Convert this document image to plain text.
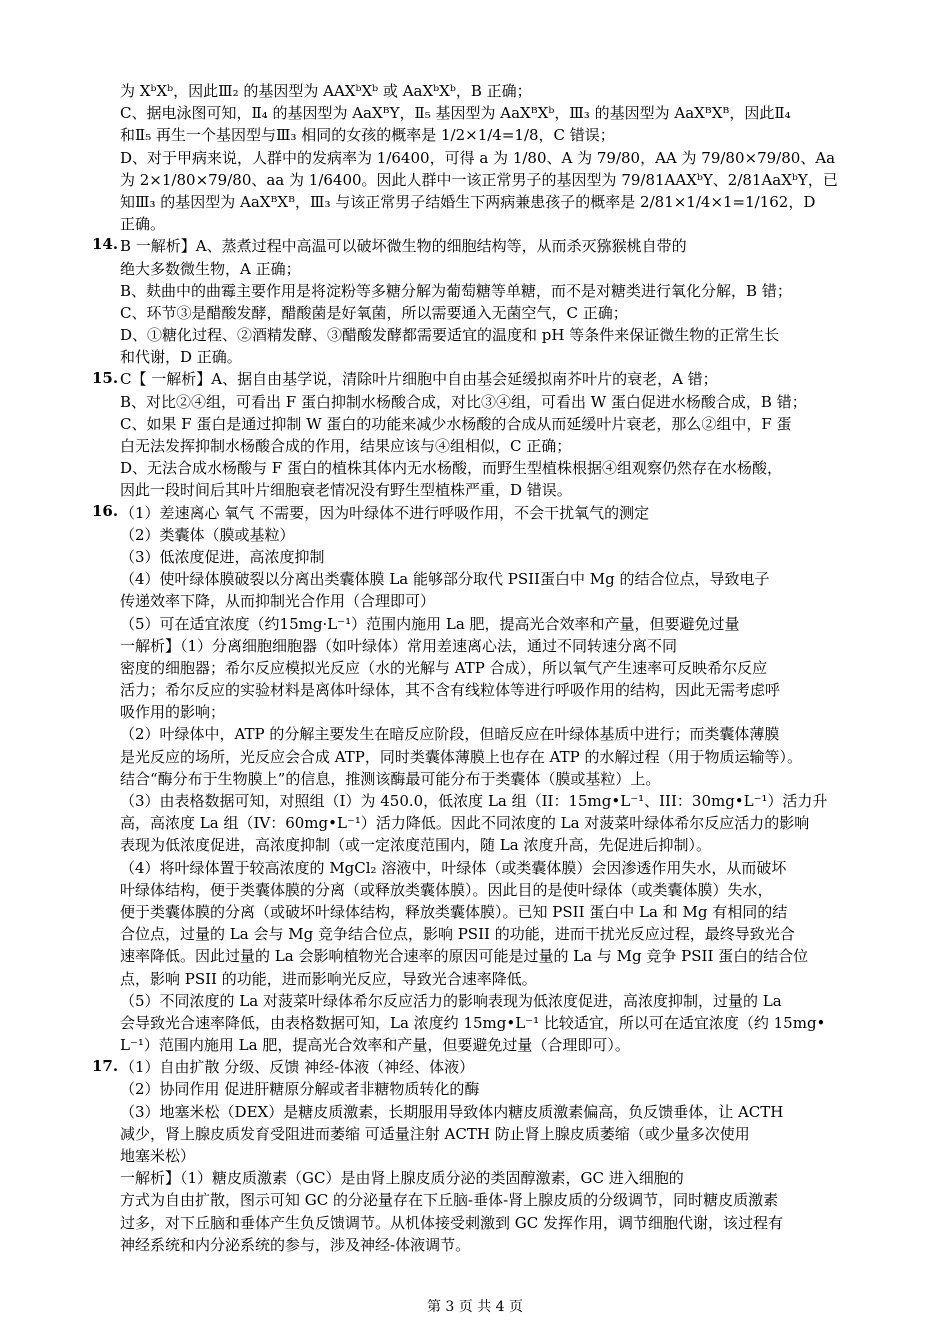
为 XᵇXᵇ，因此Ⅲ₂ 的基因型为 AAXᵇXᵇ 或 AaXᵇXᵇ，B 正确；
C、据电泳图可知，Ⅱ₄ 的基因型为 AaXᴮY，Ⅱ₅ 基因型为 AaXᴮXᵇ，Ⅲ₃ 的基因型为 AaXᴮXᴮ，因此Ⅱ₄
和Ⅱ₅ 再生一个基因型与Ⅲ₃ 相同的女孩的概率是 1/2×1/4=1/8，C 错误；
D、对于甲病来说，人群中的发病率为 1/6400，可得 a 为 1/80、A 为 79/80，AA 为 79/80×79/80、Aa
为 2×1/80×79/80、aa 为 1/6400。因此人群中一该正常男子的基因型为 79/81AAXᵇY、2/81AaXᵇY，已
知Ⅲ₃ 的基因型为 AaXᴮXᴮ，Ⅲ₃ 与该正常男子结婚生下两病兼患孩子的概率是 2/81×1/4×1=1/162，D
正确。
B 一解析】A、蒸煮过程中高温可以破坏微生物的细胞结构等，从而杀灭猕猴桃自带的
绝大多数微生物，A 正确；
B、麸曲中的曲霉主要作用是将淀粉等多糖分解为葡萄糖等单糖，而不是对糖类进行氧化分解，B 错；
C、环节③是醋酸发酵，醋酸菌是好氧菌，所以需要通入无菌空气，C 正确；
D、①糖化过程、②酒精发酵、③醋酸发酵都需要适宜的温度和 pH 等条件来保证微生物的正常生长
和代谢，D 正确。
C【 一解析】A、据自由基学说，清除叶片细胞中自由基会延缓拟南芥叶片的衰老，A 错；
B、对比②④组，可看出 F 蛋白抑制水杨酸合成，对比③④组，可看出 W 蛋白促进水杨酸合成，B 错；
C、如果 F 蛋白是通过抑制 W 蛋白的功能来减少水杨酸的合成从而延缓叶片衰老，那么②组中，F 蛋
白无法发挥抑制水杨酸合成的作用，结果应该与④组相似，C 正确；
D、无法合成水杨酸与 F 蛋白的植株其体内无水杨酸，而野生型植株根据④组观察仍然存在水杨酸，
因此一段时间后其叶片细胞衰老情况没有野生型植株严重，D 错误。
（1）差速离心 氧气 不需要，因为叶绿体不进行呼吸作用，不会干扰氧气的测定
（2）类囊体（膜或基粒）
（3）低浓度促进，高浓度抑制
（4）使叶绿体膜破裂以分离出类囊体膜 La 能够部分取代 PSII蛋白中 Mg 的结合位点，导致电子
传递效率下降，从而抑制光合作用（合理即可）
（5）可在适宜浓度（约15mg·L⁻¹）范围内施用 La 肥，提高光合效率和产量，但要避免过量
一解析】（1）分离细胞细胞器（如叶绿体）常用差速离心法，通过不同转速分离不同
密度的细胞器；希尔反应模拟光反应（水的光解与 ATP 合成），所以氧气产生速率可反映希尔反应
活力；希尔反应的实验材料是离体叶绿体，其不含有线粒体等进行呼吸作用的结构，因此无需考虑呼
吸作用的影响；
（2）叶绿体中，ATP 的分解主要发生在暗反应阶段，但暗反应在叶绿体基质中进行；而类囊体薄膜
是光反应的场所，光反应会合成 ATP，同时类囊体薄膜上也存在 ATP 的水解过程（用于物质运输等）。
结合“酶分布于生物膜上”的信息，推测该酶最可能分布于类囊体（膜或基粒）上。
（3）由表格数据可知，对照组（I）为 450.0，低浓度 La 组（II：15mg•L⁻¹、III：30mg•L⁻¹）活力升
高，高浓度 La 组（IV：60mg•L⁻¹）活力降低。因此不同浓度的 La 对菠菜叶绿体希尔反应活力的影响
表现为低浓度促进，高浓度抑制（或一定浓度范围内，随 La 浓度升高，先促进后抑制）。
（4）将叶绿体置于较高浓度的 MgCl₂ 溶液中，叶绿体（或类囊体膜）会因渗透作用失水，从而破坏
叶绿体结构，便于类囊体膜的分离（或释放类囊体膜）。因此目的是使叶绿体（或类囊体膜）失水，
便于类囊体膜的分离（或破坏叶绿体结构，释放类囊体膜）。已知 PSII 蛋白中 La 和 Mg 有相同的结
合位点，过量的 La 会与 Mg 竞争结合位点，影响 PSII 的功能，进而干扰光反应过程，最终导致光合
速率降低。因此过量的 La 会影响植物光合速率的原因可能是过量的 La 与 Mg 竞争 PSII 蛋白的结合位
点，影响 PSII 的功能，进而影响光反应，导致光合速率降低。
（5）不同浓度的 La 对菠菜叶绿体希尔反应活力的影响表现为低浓度促进，高浓度抑制，过量的 La
会导致光合速率降低，由表格数据可知，La 浓度约 15mg•L⁻¹ 比较适宜，所以可在适宜浓度（约 15mg•
L⁻¹）范围内施用 La 肥，提高光合效率和产量，但要避免过量（合理即可）。
（1）自由扩散 分级、反馈 神经-体液（神经、体液）
（2）协同作用 促进肝糖原分解或者非糖物质转化的酶
（3）地塞米松（DEX）是糖皮质激素，长期服用导致体内糖皮质激素偏高，负反馈垂体，让 ACTH
减少，肾上腺皮质发育受阻进而萎缩 可适量注射 ACTH 防止肾上腺皮质萎缩（或少量多次使用
地塞米松）
一解析】（1）糖皮质激素（GC）是由肾上腺皮质分泌的类固醇激素，GC 进入细胞的
方式为自由扩散，图示可知 GC 的分泌量存在下丘脑-垂体-肾上腺皮质的分级调节，同时糖皮质激素
过多，对下丘脑和垂体产生负反馈调节。从机体接受刺激到 GC 发挥作用，调节细胞代谢，该过程有
神经系统和内分泌系统的参与，涉及神经-体液调节。
14.
15.
16.
17.
第 3 页 共 4 页
